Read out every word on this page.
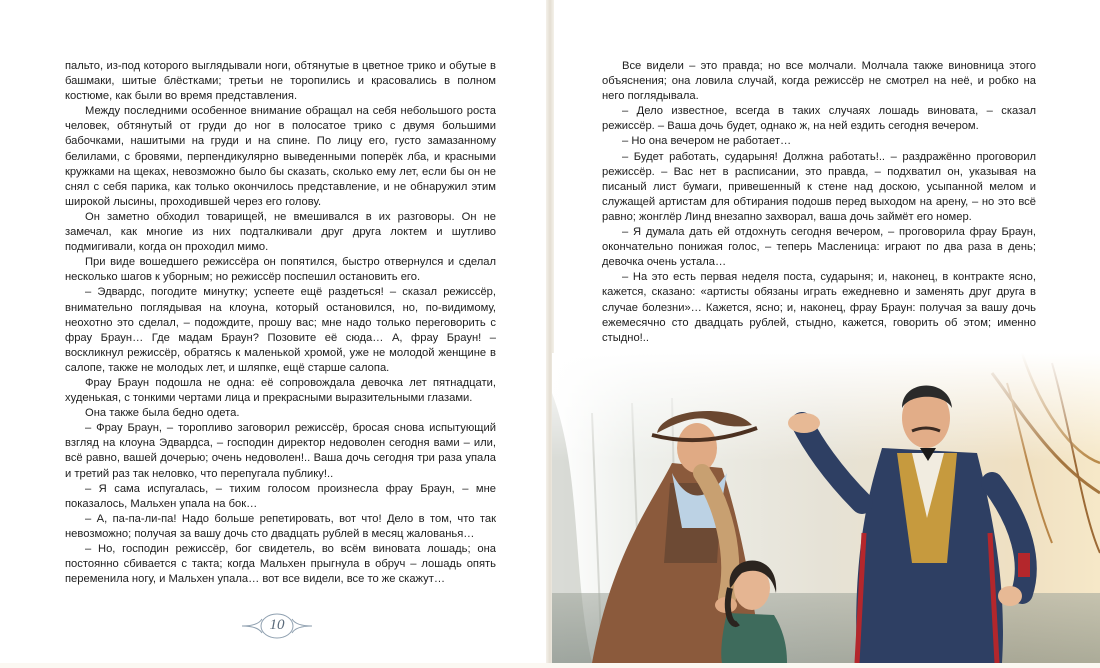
пальто, из-под которого выглядывали ноги, обтянутые в цветное трико и обутые в башмаки, шитые блёстками; третьи не торопились и красовались в полном костюме, как были во время представления.

Между последними особенное внимание обращал на себя небольшого роста человек, обтянутый от груди до ног в полосатое трико с двумя большими бабочками, нашитыми на груди и на спине. По лицу его, густо замазанному белилами, с бровями, перпендикулярно выведенными поперёк лба, и красными кружками на щеках, невозможно было бы сказать, сколько ему лет, если бы он не снял с себя парика, как только окончилось представление, и не обнаружил этим широкой лысины, проходившей через его голову.

Он заметно обходил товарищей, не вмешивался в их разговоры. Он не замечал, как многие из них подталкивали друг друга локтем и шутливо подмигивали, когда он проходил мимо.

При виде вошедшего режиссёра он попятился, быстро отвернулся и сделал несколько шагов к уборным; но режиссёр поспешил остановить его.

– Эдвардс, погодите минутку; успеете ещё раздеться! – сказал режиссёр, внимательно поглядывая на клоуна, который остановился, но, по-видимому, неохотно это сделал, – подождите, прошу вас; мне надо только переговорить с фрау Браун… Где мадам Браун? Позовите её сюда… А, фрау Браун! – воскликнул режиссёр, обратясь к маленькой хромой, уже не молодой женщине в салопе, также не молодых лет, и шляпке, ещё старше салопа.

Фрау Браун подошла не одна: её сопровождала девочка лет пятнадцати, худенькая, с тонкими чертами лица и прекрасными выразительными глазами.

Она также была бедно одета.

– Фрау Браун, – торопливо заговорил режиссёр, бросая снова испытующий взгляд на клоуна Эдвардса, – господин директор недоволен сегодня вами – или, всё равно, вашей дочерью; очень недоволен!.. Ваша дочь сегодня три раза упала и третий раз так неловко, что перепугала публику!..

– Я сама испугалась, – тихим голосом произнесла фрау Браун, – мне показалось, Мальхен упала на бок…

– А, па-па-ли-па! Надо больше репетировать, вот что! Дело в том, что так невозможно; получая за вашу дочь сто двадцать рублей в месяц жалованья…

– Но, господин режиссёр, бог свидетель, во всём виновата лошадь; она постоянно сбивается с такта; когда Мальхен прыгнула в обруч – лошадь опять переменила ногу, и Мальхен упала… вот все видели, все то же скажут…

10

Все видели – это правда; но все молчали. Молчала также виновница этого объяснения; она ловила случай, когда режиссёр не смотрел на неё, и робко на него поглядывала.

– Дело известное, всегда в таких случаях лошадь виновата, – сказал режиссёр. – Ваша дочь будет, однако ж, на ней ездить сегодня вечером.

– Но она вечером не работает…

– Будет работать, сударыня! Должна работать!.. – раздражённо проговорил режиссёр. – Вас нет в расписании, это правда, – подхватил он, указывая на писаный лист бумаги, привешенный к стене над доскою, усыпанной мелом и служащей артистам для обтирания подошв перед выходом на арену, – но это всё равно; жонглёр Линд внезапно захворал, ваша дочь займёт его номер.

– Я думала дать ей отдохнуть сегодня вечером, – проговорила фрау Браун, окончательно понижая голос, – теперь Масленица: играют по два раза в день; девочка очень устала…

– На это есть первая неделя поста, сударыня; и, наконец, в контракте ясно, кажется, сказано: «артисты обязаны играть ежедневно и заменять друг друга в случае болезни»… Кажется, ясно; и, наконец, фрау Браун: получая за вашу дочь ежемесячно сто двадцать рублей, стыдно, кажется, говорить об этом; именно стыдно!..
